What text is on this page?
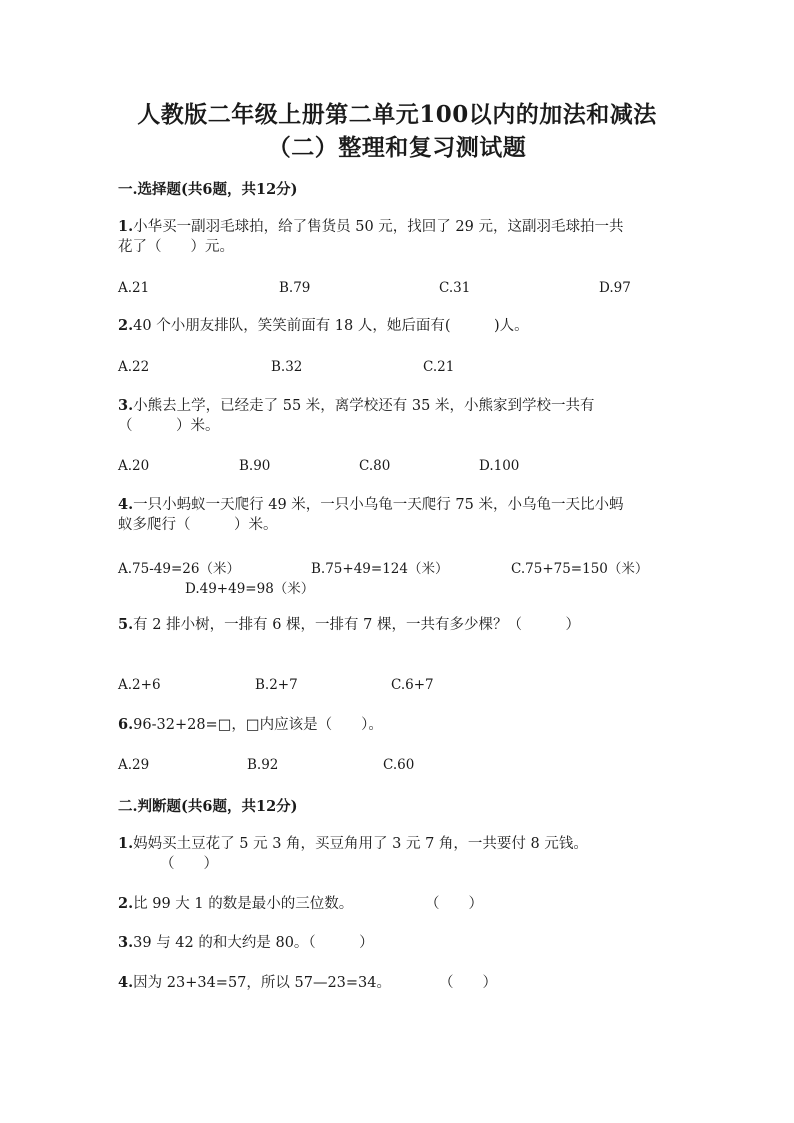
人教版二年级上册第二单元100以内的加法和减法
（二）整理和复习测试题
一.选择题(共6题，共12分)
1.小华买一副羽毛球拍，给了售货员 50 元，找回了 29 元，这副羽毛球拍一共
花了（　　）元。
A.21	B.79	C.31	D.97
2.40 个小朋友排队，笑笑前面有 18 人，她后面有(　　　)人。
A.22	B.32	C.21
3.小熊去上学，已经走了 55 米，离学校还有 35 米，小熊家到学校一共有
（　　　）米。
A.20	B.90	C.80	D.100
4.一只小蚂蚁一天爬行 49 米，一只小乌龟一天爬行 75 米，小乌龟一天比小蚂
蚁多爬行（　　　）米。
A.75-49=26（米）	B.75+49=124（米）	C.75+75=150（米）
D.49+49=98（米）
5.有 2 排小树，一排有 6 棵，一排有 7 棵，一共有多少棵？（　　　）
A.2+6	B.2+7	C.6+7
6.96-32+28=□，□内应该是（　　）。
A.29	B.92	C.60
二.判断题(共6题，共12分)
1.妈妈买土豆花了 5 元 3 角，买豆角用了 3 元 7 角，一共要付 8 元钱。
（　　）
2.比 99 大 1 的数是最小的三位数。	（　　）
3.39 与 42 的和大约是 80。（　　　）
4.因为 23+34=57，所以 57—23=34。	（　　）
